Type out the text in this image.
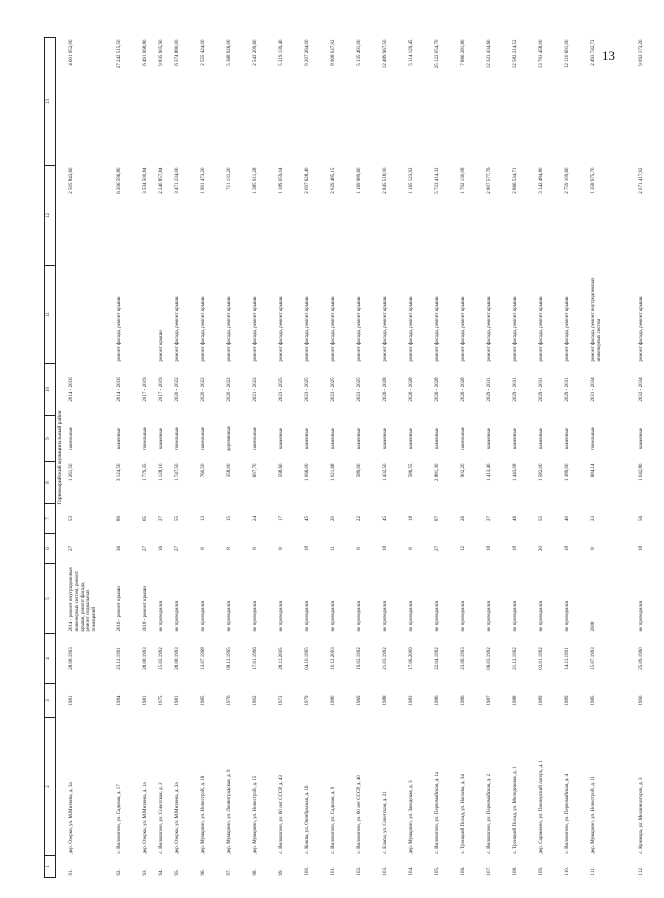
13
1	2	3	4	5	6	7	8	9	10	11	12	13
Горномарийский муниципальный район												
91.	дер. Озерки, ул. М.Митяева, д. 3а	1981	28.08.1993	2014 - ремонт внутридомовых инженерных систем, ремонт крыши, ремонт фасада, ремонт подвальных помещений	27	53	1 261,50	панельные	2014 - 2016		2 505 843,60	4 601 952,00
92.	с. Виловатово, ул. Садовая, д. 17	1984	23.12.1991	2016 - ремонт крыши	36	89	3 124,50	каменные	2014 - 2016	ремонт фасада, ремонт крыши	6 206 596,80	27 242 515,50
93.	дер. Озерки, ул. М.Митяева, д. 1а	1981	28.08.1993	2018 - ремонт крыши	27	65	1 779,35	панельные	2017 - 2019		3 534 500,84	6 491 068,80
94.	с. Виловатово, ул. Советская, д. 2	1975	15.02.1992	не проводился	16	27	1 128,10	каменные	2017 - 2019	ремонт крыши	2 240 857,84	9 835 905,90
95.	дер. Озерки, ул. М.Митяева, д. 2а	1981	28.08.1993	не проводился	27	55	1 747,50	панельные	2020 - 2022	ремонт фасада, ремонт крыши	3 471 234,00	6 374 880,00
96.	дер. Мумарино, ул. Новострой, д. 16	1985	13.07.1998	не проводился	8	13	760,50	панельные	2020 - 2022	ремонт фасада, ремонт крыши	1 991 473,20	2 555 424,00
97.	дер. Мумарино, ул. Ленинградская, д. 9	1976	08.12.1995	не проводился	8	15	358,00	деревянные	2020 - 2022	ремонт фасада, ремонт крыши	711 131,20	5 368 926,00
98.	дер. Мумарино, ул. Новострой, д. 15	1992	17.01.1996	не проводился	8	24	697,70	панельные	2021 - 2022	ремонт фасада, ремонт крыши	1 385 911,28	2 543 209,60
99.	с. Виловатово, ул. 60 лет СССР, д. 43	1972	28.11.2005	не проводился	8	17	598,60	каменные	2023 - 2025	ремонт фасада, ремонт крыши	1 189 059,04	5 219 139,40
100.	с. Кокша, ул. Октябрьская, д. 16	1979	04.10.1995	не проводился	18	45	1 066,00	каменные	2023 - 2025	ремонт фасада, ремонт крыши	2 097 628,40	9 207 264,00
101.	с. Виловатово, ул. Садовая, д. 9	1980	10.12.2003	не проводился	11	20	1 021,68	каменные	2023 - 2025	ремонт фасада, ремонт крыши	2 029 485,15	8 908 027,92
102.	с. Виловатово, ул. 60 лет СССР, д. 40	1969	19.02.1992	не проводился	8	22	589,00	каменные	2023 - 2025	ремонт фасада, ремонт крыши	1 169 989,60	5 135 491,00
103.	с. Еласы, ул. Советская, д. 21	1988	21.03.1992	не проводился	18	45	1 432,50	каменные	2026 - 2028	ремонт фасада, ремонт крыши	2 845 518,00	12 489 967,50
104.	дер. Мумарино, ул. Заводская, д. 3	1983	17.06.2009	не проводился	8	18	586,55	каменные	2026 - 2028	ремонт фасада, ремонт крыши	1 165 123,92	5 114 129,45
105.	с. Виловатово, ул. Первомайская, д. 1а	1986	22.04.1992	не проводился	27	87	2 881,30	каменные	2026 - 2028	ремонт фасада, ремонт крыши	5 723 414,32	25 122 054,70
106.	с. Троицкий Посад, ул. Нагаева, д. 34	1986	23.06.1993	не проводился	12	26	902,20	панельные	2026 - 2028	ремонт фасада, ремонт крыши	1 792 130,08	7 866 281,80
107.	с. Виловатово, ул. Первомайская, д. 2	1987	06.03.1992	не проводился	18	27	1 413,40	каменные	2029 - 2031	ремонт фасада, ремонт крыши	2 807 577,76	12 323 434,60
108.	с. Троицкий Посад, ул. Молодежная, д. 1	1988	21.12.1992	не проводился	18	46	1 443,08	каменные	2029 - 2031	ремонт фасада, ремонт крыши	2 866 534,71	12 582 214,52
109.	дер. Сарамеево, ул. Пионерский лагерь, д. 1	1989	02.01.1992	не проводился	20	55	1 582,00	каменные	2029 - 2031	ремонт фасада, ремонт крыши	3 142 484,80	13 793 458,00
110.	с. Виловатово, ул. Первомайская, д. 4	1989	14.11.1991	не проводился	18	40	1 389,00	каменные	2029 - 2031	ремонт фасада, ремонт крыши	2 759 109,60	12 110 691,00
111.	дер. Мумарино, ул. Новострой, д. 11	1985	15.07.1993	2008	8	23	684,14	панельные	2031 - 2034	ремонт фасада, ремонт внутридомовых инженерных систем	1 358 975,70	2 493 742,72
112.	с. Кужмара, ул. Механизаторов, д. 3	1990	25.09.1990	не проводился	18	56	1 042,80	каменные	2032 - 2034	ремонт фасада, ремонт крыши	2 071 417,92	9 092 173,20
